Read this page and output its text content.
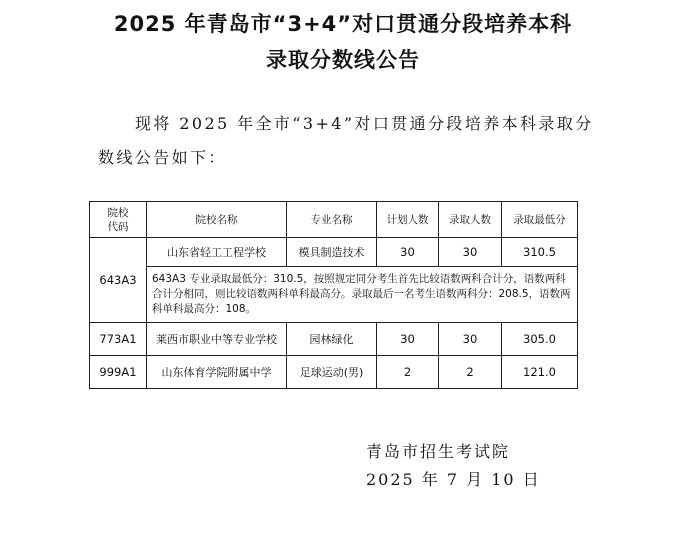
2025 年青岛市“3+4”对口贯通分段培养本科
录取分数线公告
现将 2025 年全市“3+4”对口贯通分段培养本科录取分
数线公告如下：
院校
代码	院校名称	专业名称	计划人数	录取人数	录取最低分
643A3	山东省轻工工程学校	模具制造技术	30	30	310.5
	643A3 专业录取最低分：310.5，按照规定同分考生首先比较语数两科合计分，语数两科合计分相同，则比较语数两科单科最高分。录取最后一名考生语数两科分：208.5，语数两科单科最高分：108。				
773A1	莱西市职业中等专业学校	园林绿化	30	30	305.0
999A1	山东体育学院附属中学	足球运动(男)	2	2	121.0
青岛市招生考试院
2025 年 7 月 10 日
